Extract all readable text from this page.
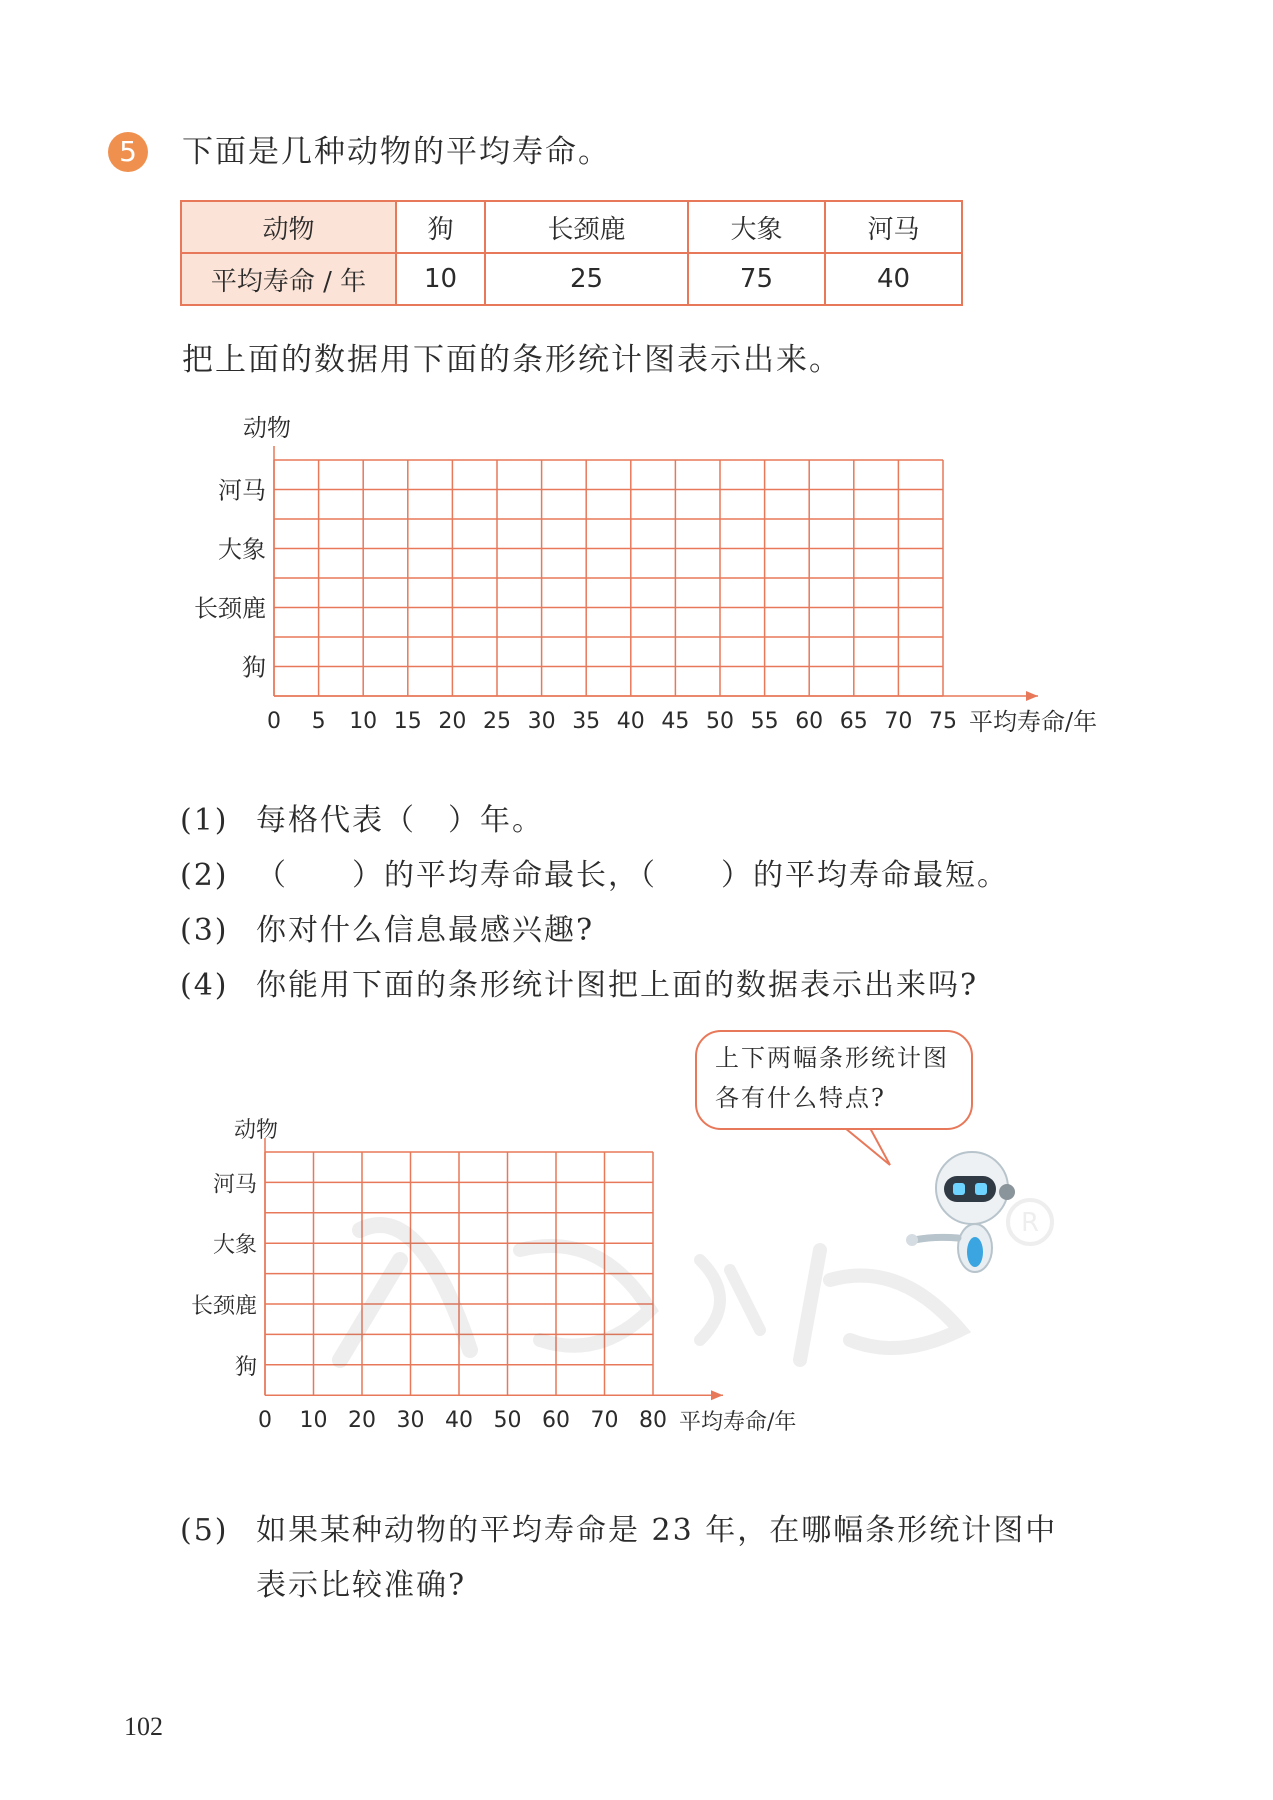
5	下面是几种动物的平均寿命。
动物	狗	长颈鹿	大象	河马
平均寿命 / 年	10	25	75	40
把上面的数据用下面的条形统计图表示出来。
动物
0 5 10 15 20 25 30 35 40 45 50 55 60 65 70 75 平均寿命/年
河马
大象
长颈鹿
狗
动物
0 10 20 30 40 50 60 70 80 平均寿命/年
河马
大象
长颈鹿
狗
R
(1) 每格代表（　）年。
(2) （　　）的平均寿命最长，（　　）的平均寿命最短。
(3) 你对什么信息最感兴趣?
(4) 你能用下面的条形统计图把上面的数据表示出来吗?
上下两幅条形统计图
各有什么特点?
(5) 如果某种动物的平均寿命是 23 年，在哪幅条形统计图中
表示比较准确?
102
